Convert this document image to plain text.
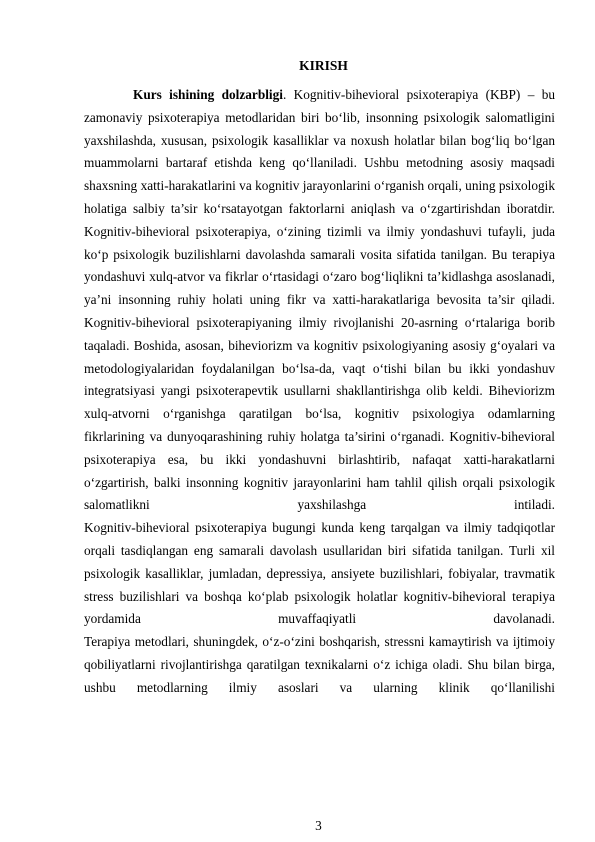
KIRISH

Kurs ishining dolzarbligi. Kognitiv-bihevioral psixoterapiya (KBP) – bu zamonaviy psixoterapiya metodlaridan biri bo‘lib, insonning psixologik salomatligini yaxshilashda, xususan, psixologik kasalliklar va noxush holatlar bilan bog‘liq bo‘lgan muammolarni bartaraf etishda keng qo‘llaniladi. Ushbu metodning asosiy maqsadi shaxsning xatti-harakatlarini va kognitiv jarayonlarini o‘rganish orqali, uning psixologik holatiga salbiy ta’sir ko‘rsatayotgan faktorlarni aniqlash va o‘zgartirishdan iboratdir. Kognitiv-bihevioral psixoterapiya, o‘zining tizimli va ilmiy yondashuvi tufayli, juda ko‘p psixologik buzilishlarni davolashda samarali vosita sifatida tanilgan. Bu terapiya yondashuvi xulq-atvor va fikrlar o‘rtasidagi o‘zaro bog‘liqlikni ta’kidlashga asoslanadi, ya’ni insonning ruhiy holati uning fikr va xatti-harakatlariga bevosita ta’sir qiladi.

Kognitiv-bihevioral psixoterapiyaning ilmiy rivojlanishi 20-asrning o‘rtalariga borib taqaladi. Boshida, asosan, biheviorizm va kognitiv psixologiyaning asosiy g‘oyalari va metodologiyalaridan foydalanilgan bo‘lsa-da, vaqt o‘tishi bilan bu ikki yondashuv integratsiyasi yangi psixoterapevtik usullarni shakllantirishga olib keldi. Biheviorizm xulq-atvorni o‘rganishga qaratilgan bo‘lsa, kognitiv psixologiya odamlarning fikrlarining va dunyoqarashining ruhiy holatga ta’sirini o‘rganadi. Kognitiv-bihevioral psixoterapiya esa, bu ikki yondashuvni birlashtirib, nafaqat xatti-harakatlarni o‘zgartirish, balki insonning kognitiv jarayonlarini ham tahlil qilish orqali psixologik salomatlikni yaxshilashga intiladi.

Kognitiv-bihevioral psixoterapiya bugungi kunda keng tarqalgan va ilmiy tadqiqotlar orqali tasdiqlangan eng samarali davolash usullaridan biri sifatida tanilgan. Turli xil psixologik kasalliklar, jumladan, depressiya, ansiyete buzilishlari, fobiyalar, travmatik stress buzilishlari va boshqa ko‘plab psixologik holatlar kognitiv-bihevioral terapiya yordamida muvaffaqiyatli davolanadi.

Terapiya metodlari, shuningdek, o‘z-o‘zini boshqarish, stressni kamaytirish va ijtimoiy qobiliyatlarni rivojlantirishga qaratilgan texnikalarni o‘z ichiga oladi. Shu bilan birga, ushbu metodlarning ilmiy asoslari va ularning klinik qo‘llanilishi

3
